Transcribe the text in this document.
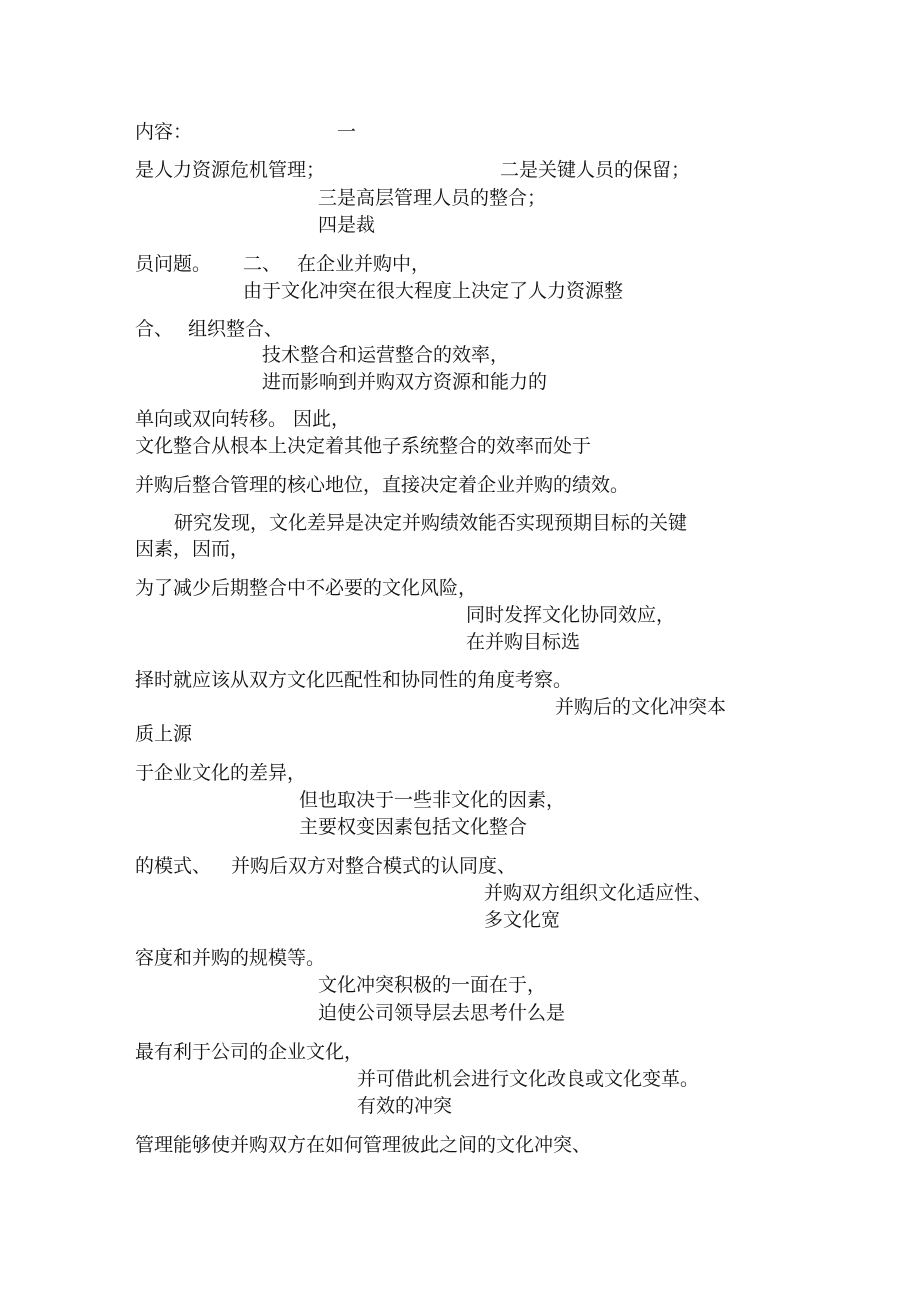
内容：	一

是人力资源危机管理；	二是关键人员的保留；

三是高层管理人员的整合；

四是裁

员问题。 二、 在企业并购中，

由于文化冲突在很大程度上决定了人力资源整

合、 组织整合、

技术整合和运营整合的效率，

进而影响到并购双方资源和能力的

单向或双向转移。 因此，

文化整合从根本上决定着其他子系统整合的效率而处于

并购后整合管理的核心地位，直接决定着企业并购的绩效。

研究发现，文化差异是决定并购绩效能否实现预期目标的关键

因素，因而，

为了减少后期整合中不必要的文化风险，

同时发挥文化协同效应，

在并购目标选

择时就应该从双方文化匹配性和协同性的角度考察。

并购后的文化冲突本

质上源

于企业文化的差异，

但也取决于一些非文化的因素，

主要权变因素包括文化整合

的模式、 并购后双方对整合模式的认同度、

并购双方组织文化适应性、

多文化宽

容度和并购的规模等。

文化冲突积极的一面在于，

迫使公司领导层去思考什么是

最有利于公司的企业文化，

并可借此机会进行文化改良或文化变革。

有效的冲突

管理能够使并购双方在如何管理彼此之间的文化冲突、
